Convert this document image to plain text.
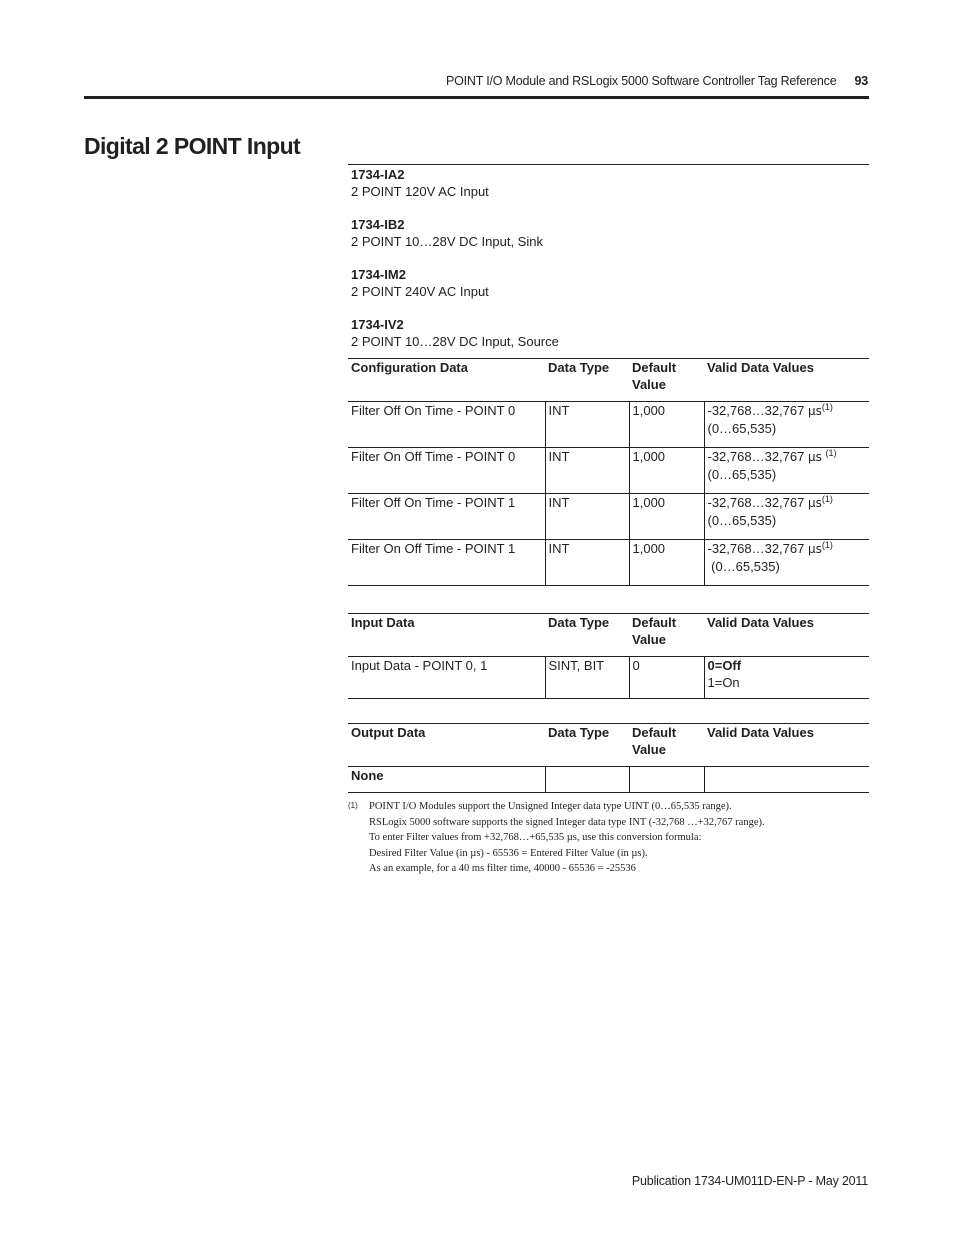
POINT I/O Module and RSLogix 5000 Software Controller Tag Reference 93
Digital 2 POINT Input
1734-IA2
2 POINT 120V AC Input
1734-IB2
2 POINT 10…28V DC Input, Sink
1734-IM2
2 POINT 240V AC Input
1734-IV2
2 POINT 10…28V DC Input, Source
Configuration Data	Data Type	Default Value	Valid Data Values
Filter Off On Time - POINT 0	INT	1,000	-32,768…32,767 µs$^{(1)}$
(0…65,535)
Filter On Off Time - POINT 0	INT	1,000	-32,768…32,767 µs $^{(1)}$
(0…65,535)
Filter Off On Time - POINT 1	INT	1,000	-32,768…32,767 µs$^{(1)}$
(0…65,535)
Filter On Off Time - POINT 1	INT	1,000	-32,768…32,767 µs$^{(1)}$
(0…65,535)
Input Data	Data Type	Default Value	Valid Data Values
Input Data - POINT 0, 1	SINT, BIT	0	0=Off
1=On
Output Data	Data Type	Default Value	Valid Data Values
None			
(1) POINT I/O Modules support the Unsigned Integer data type UINT (0…65,535 range).
RSLogix 5000 software supports the signed Integer data type INT (-32,768 …+32,767 range).
To enter Filter values from +32,768…+65,535 µs, use this conversion formula:
Desired Filter Value (in µs) - 65536 = Entered Filter Value (in µs).
As an example, for a 40 ms filter time, 40000 - 65536 = -25536
Publication 1734-UM011D-EN-P - May 2011
